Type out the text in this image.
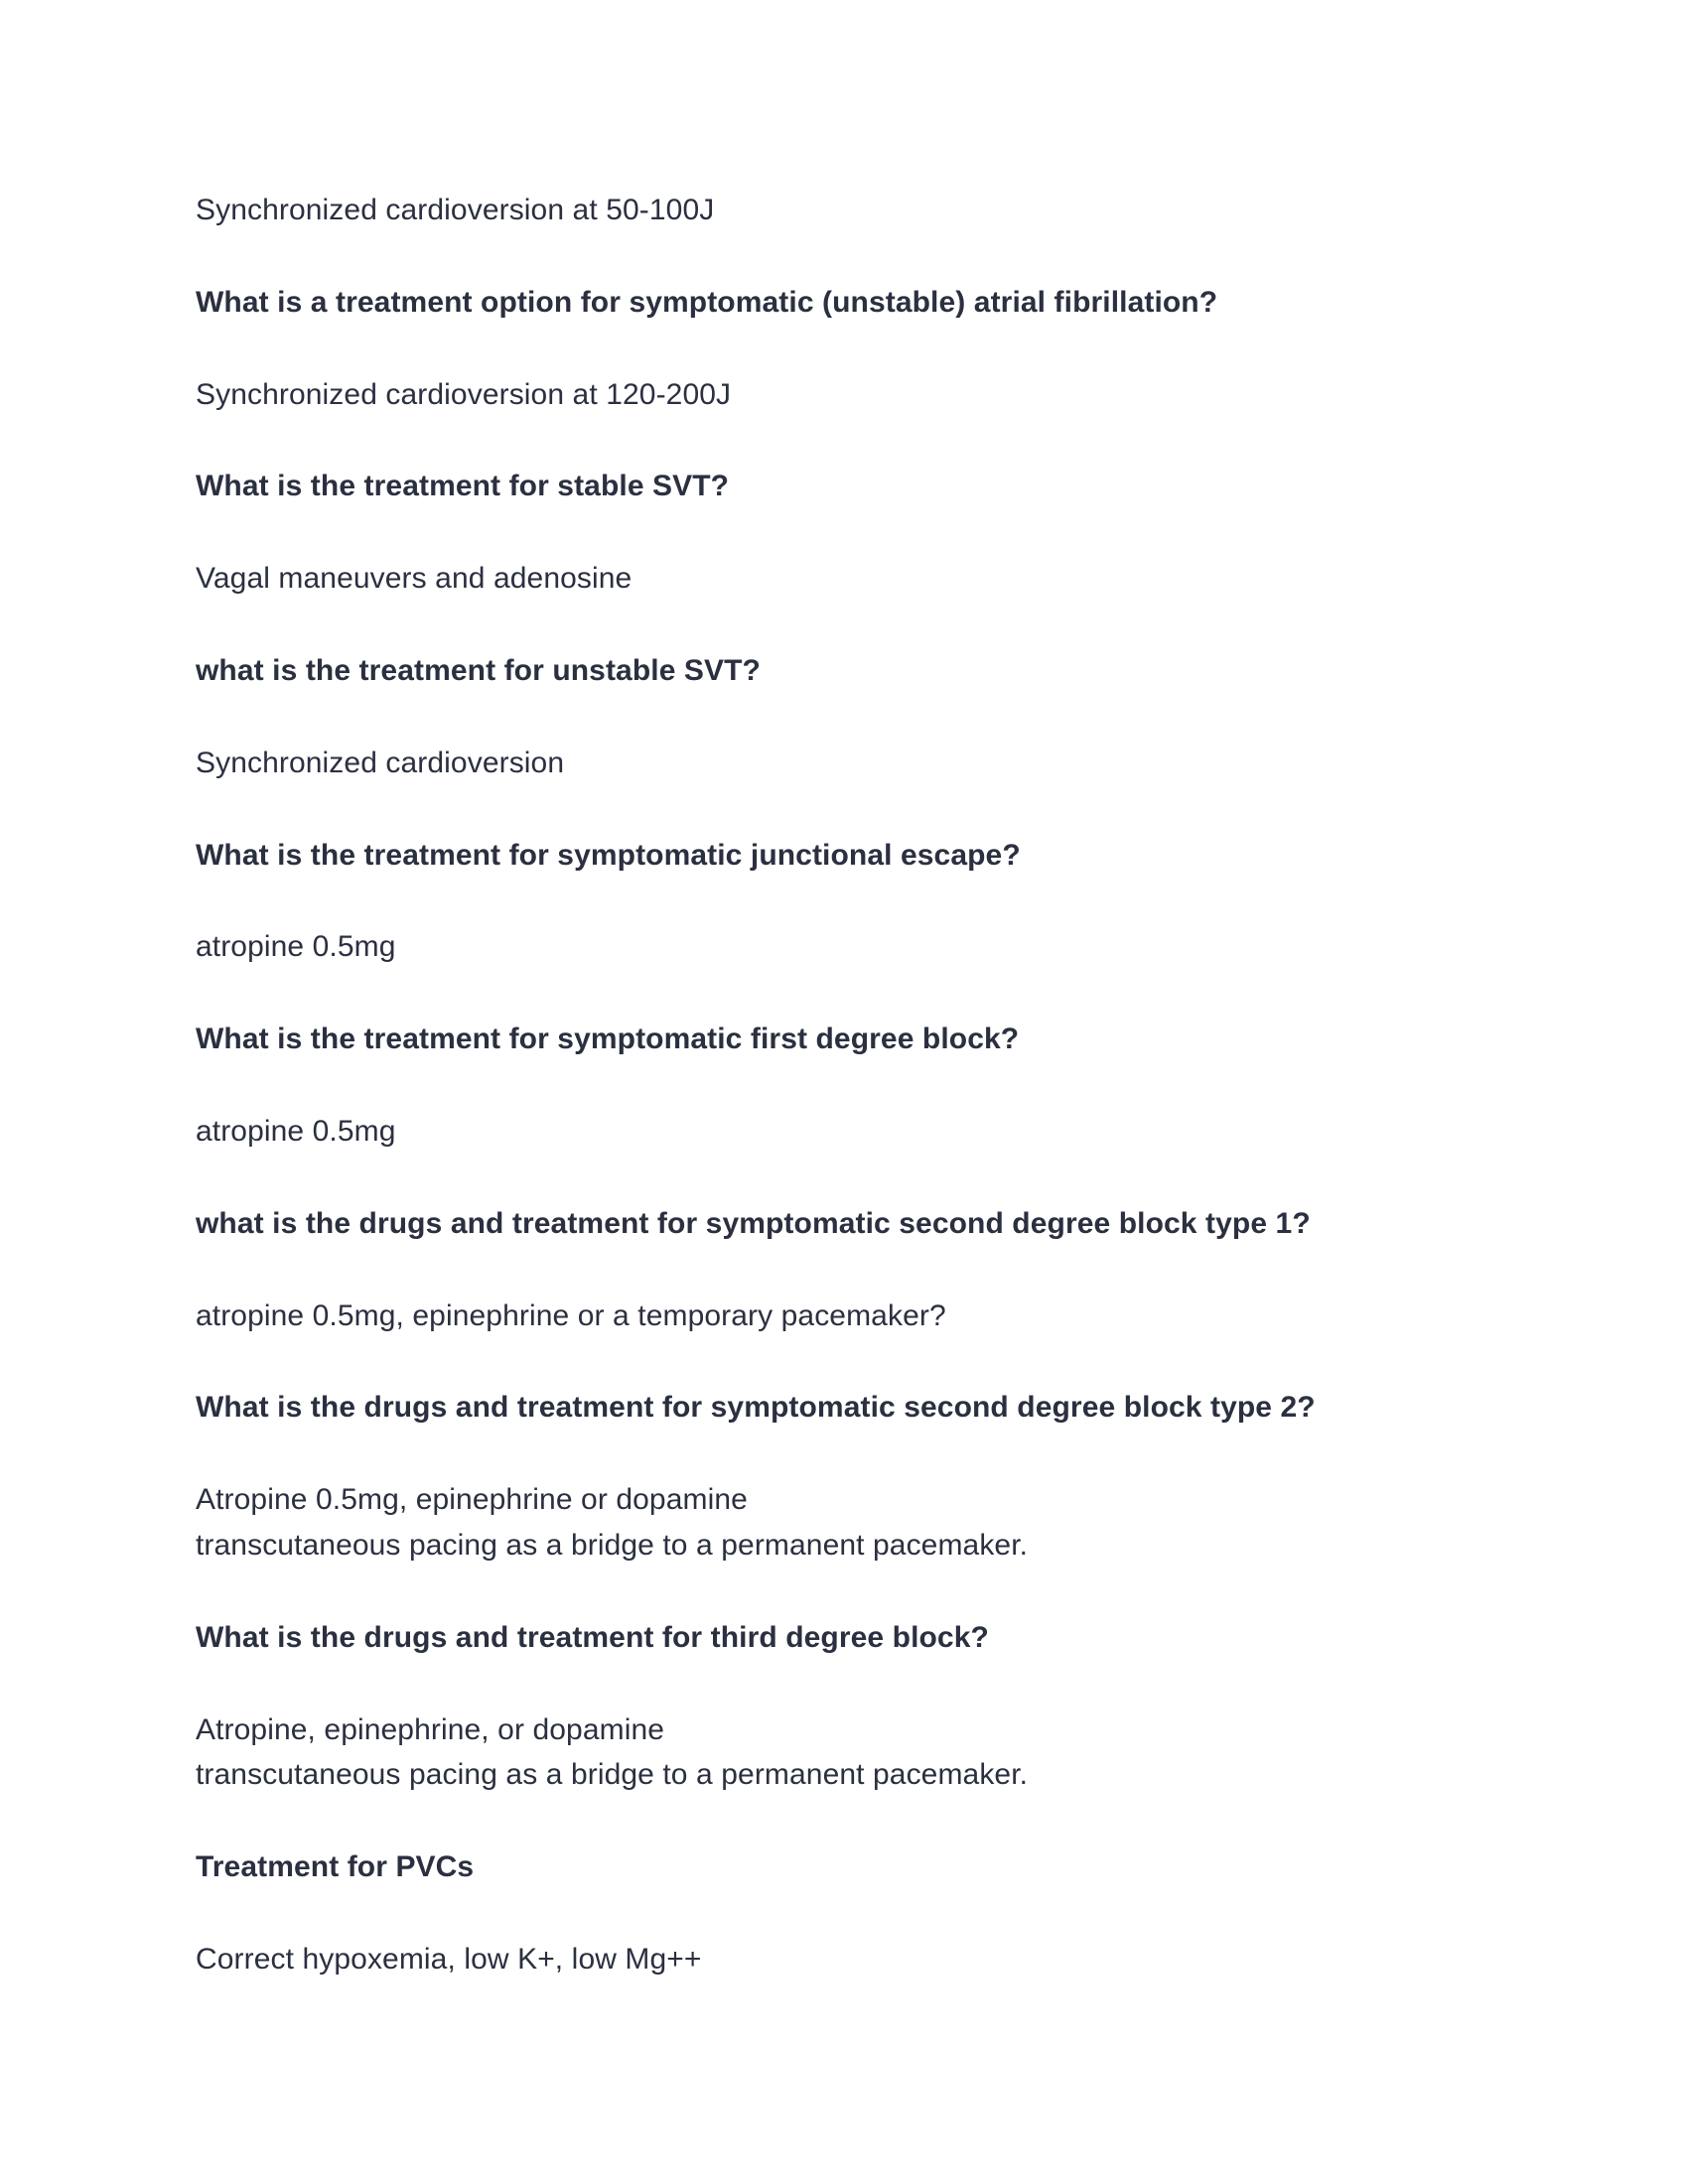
Synchronized cardioversion at 50-100J

What is a treatment option for symptomatic (unstable) atrial fibrillation?

Synchronized cardioversion at 120-200J

What is the treatment for stable SVT?

Vagal maneuvers and adenosine

what is the treatment for unstable SVT?

Synchronized cardioversion

What is the treatment for symptomatic junctional escape?

atropine 0.5mg

What is the treatment for symptomatic first degree block?

atropine 0.5mg

what is the drugs and treatment for symptomatic second degree block type 1?

atropine 0.5mg, epinephrine or a temporary pacemaker?

What is the drugs and treatment for symptomatic second degree block type 2?

Atropine 0.5mg, epinephrine or dopamine
transcutaneous pacing as a bridge to a permanent pacemaker.

What is the drugs and treatment for third degree block?

Atropine, epinephrine, or dopamine
transcutaneous pacing as a bridge to a permanent pacemaker.

Treatment for PVCs

Correct hypoxemia, low K+, low Mg++
